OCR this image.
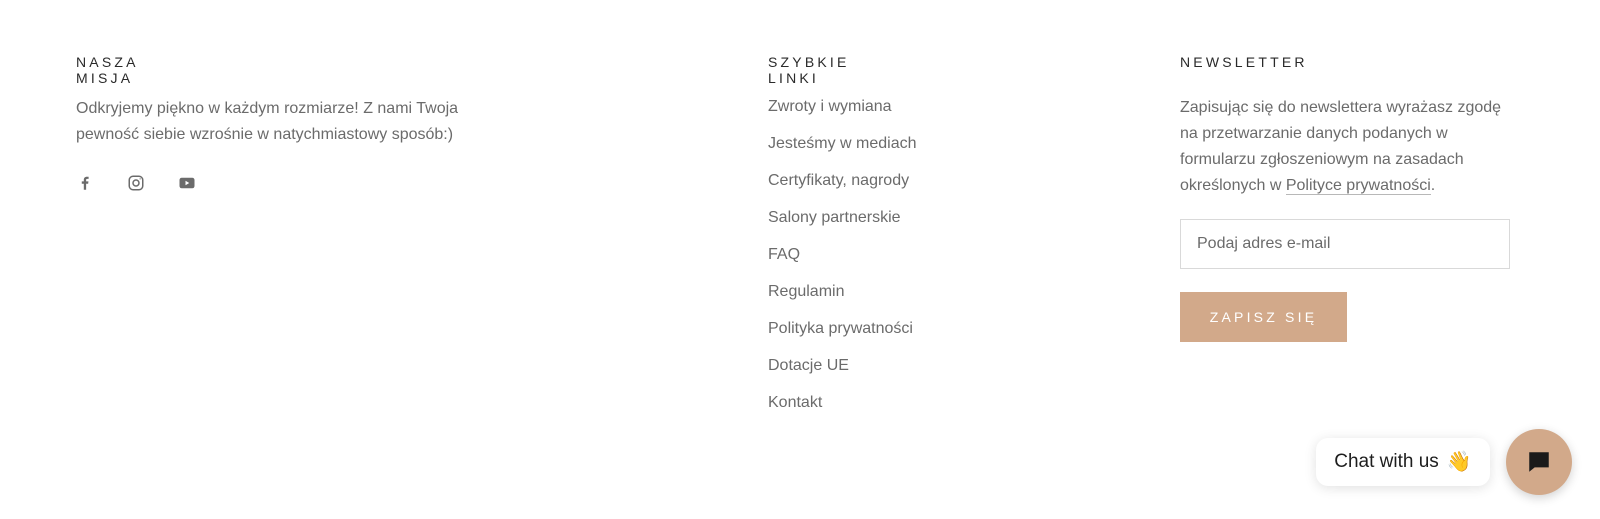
NASZA MISJA
Odkryjemy piękno w każdym rozmiarze! Z nami Twoja pewność siebie wzrośnie w natychmiastowy sposób:)
SZYBKIE LINKI
Zwroty i wymiana
Jesteśmy w mediach
Certyfikaty, nagrody
Salony partnerskie
FAQ
Regulamin
Polityka prywatności
Dotacje UE
Kontakt
NEWSLETTER
Zapisując się do newslettera wyrażasz zgodę na przetwarzanie danych podanych w formularzu zgłoszeniowym na zasadach określonych w Polityce prywatności.
Podaj adres e-mail
ZAPISZ SIĘ
Chat with us 👋
